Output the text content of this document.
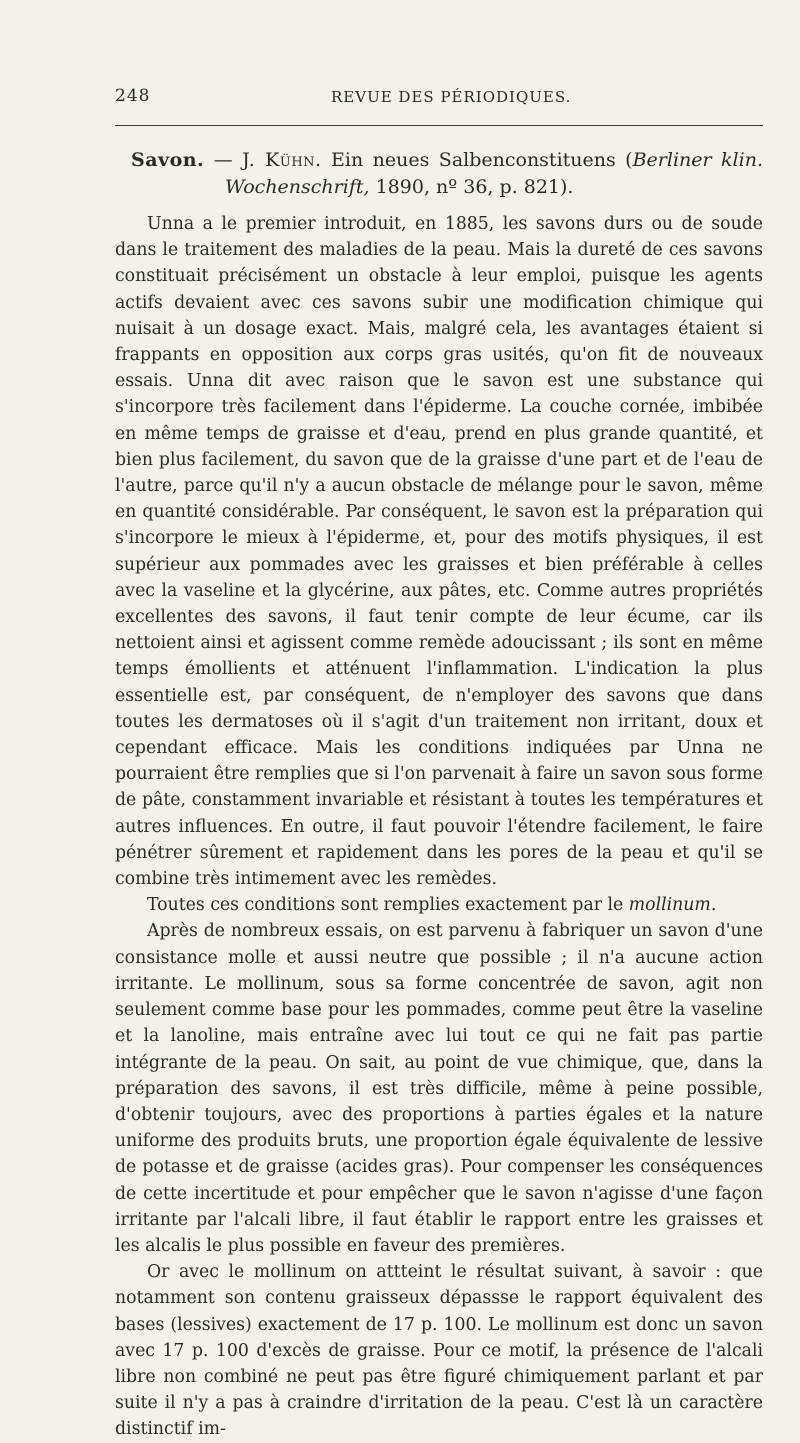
248	REVUE DES PÉRIODIQUES.
Savon. — J. Kühn. Ein neues Salbenconstituens (Berliner klin. Wochenschrift, 1890, nº 36, p. 821).

Unna a le premier introduit, en 1885, les savons durs ou de soude dans le traitement des maladies de la peau. Mais la dureté de ces savons constituait précisément un obstacle à leur emploi, puisque les agents actifs devaient avec ces savons subir une modification chimique qui nuisait à un dosage exact. Mais, malgré cela, les avantages étaient si frappants en opposition aux corps gras usités, qu'on fit de nouveaux essais. Unna dit avec raison que le savon est une substance qui s'incorpore très facilement dans l'épiderme. La couche cornée, imbibée en même temps de graisse et d'eau, prend en plus grande quantité, et bien plus facilement, du savon que de la graisse d'une part et de l'eau de l'autre, parce qu'il n'y a aucun obstacle de mélange pour le savon, même en quantité considérable. Par conséquent, le savon est la préparation qui s'incorpore le mieux à l'épiderme, et, pour des motifs physiques, il est supérieur aux pommades avec les graisses et bien préférable à celles avec la vaseline et la glycérine, aux pâtes, etc. Comme autres propriétés excellentes des savons, il faut tenir compte de leur écume, car ils nettoient ainsi et agissent comme remède adoucissant ; ils sont en même temps émollients et atténuent l'inflammation. L'indication la plus essentielle est, par conséquent, de n'employer des savons que dans toutes les dermatoses où il s'agit d'un traitement non irritant, doux et cependant efficace. Mais les conditions indiquées par Unna ne pourraient être remplies que si l'on parvenait à faire un savon sous forme de pâte, constamment invariable et résistant à toutes les températures et autres influences. En outre, il faut pouvoir l'étendre facilement, le faire pénétrer sûrement et rapidement dans les pores de la peau et qu'il se combine très intimement avec les remèdes.

Toutes ces conditions sont remplies exactement par le mollinum.

Après de nombreux essais, on est parvenu à fabriquer un savon d'une consistance molle et aussi neutre que possible ; il n'a aucune action irritante. Le mollinum, sous sa forme concentrée de savon, agit non seulement comme base pour les pommades, comme peut être la vaseline et la lanoline, mais entraîne avec lui tout ce qui ne fait pas partie intégrante de la peau. On sait, au point de vue chimique, que, dans la préparation des savons, il est très difficile, même à peine possible, d'obtenir toujours, avec des proportions à parties égales et la nature uniforme des produits bruts, une proportion égale équivalente de lessive de potasse et de graisse (acides gras). Pour compenser les conséquences de cette incertitude et pour empêcher que le savon n'agisse d'une façon irritante par l'alcali libre, il faut établir le rapport entre les graisses et les alcalis le plus possible en faveur des premières.

Or avec le mollinum on attteint le résultat suivant, à savoir : que notamment son contenu graisseux dépassse le rapport équivalent des bases (lessives) exactement de 17 p. 100. Le mollinum est donc un savon avec 17 p. 100 d'excès de graisse. Pour ce motif, la présence de l'alcali libre non combiné ne peut pas être figuré chimiquement parlant et par suite il n'y a pas à craindre d'irritation de la peau. C'est là un caractère distinctif im-
